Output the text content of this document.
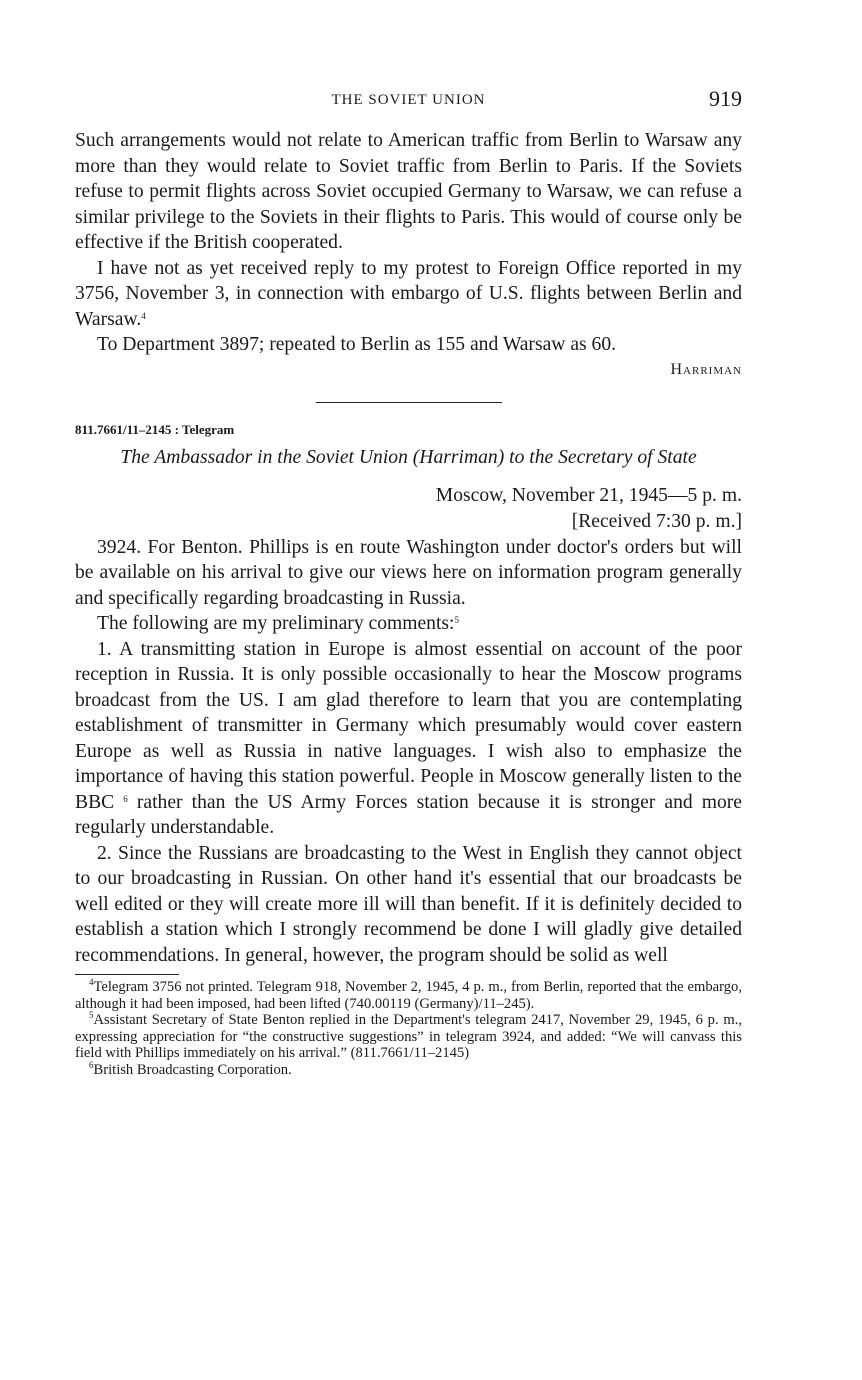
THE SOVIET UNION	919

Such arrangements would not relate to American traffic from Berlin to Warsaw any more than they would relate to Soviet traffic from Berlin to Paris. If the Soviets refuse to permit flights across Soviet occupied Germany to Warsaw, we can refuse a similar privilege to the Soviets in their flights to Paris. This would of course only be effective if the British cooperated.

I have not as yet received reply to my protest to Foreign Office reported in my 3756, November 3, in connection with embargo of U.S. flights between Berlin and Warsaw.$^4$

To Department 3897; repeated to Berlin as 155 and Warsaw as 60.

Harriman
811.7661/11–2145 : Telegram
The Ambassador in the Soviet Union (Harriman) to the Secretary of State
Moscow, November 21, 1945—5 p. m.
[Received 7:30 p. m.]

3924. For Benton. Phillips is en route Washington under doctor's orders but will be available on his arrival to give our views here on information program generally and specifically regarding broadcasting in Russia.

The following are my preliminary comments:$^5$

1. A transmitting station in Europe is almost essential on account of the poor reception in Russia. It is only possible occasionally to hear the Moscow programs broadcast from the US. I am glad therefore to learn that you are contemplating establishment of transmitter in Germany which presumably would cover eastern Europe as well as Russia in native languages. I wish also to emphasize the importance of having this station powerful. People in Moscow generally listen to the BBC $^6$ rather than the US Army Forces station because it is stronger and more regularly understandable.

2. Since the Russians are broadcasting to the West in English they cannot object to our broadcasting in Russian. On other hand it's essential that our broadcasts be well edited or they will create more ill will than benefit. If it is definitely decided to establish a station which I strongly recommend be done I will gladly give detailed recommendations. In general, however, the program should be solid as well

$^4$Telegram 3756 not printed. Telegram 918, November 2, 1945, 4 p. m., from Berlin, reported that the embargo, although it had been imposed, had been lifted (740.00119 (Germany)/11–245).

$^5$Assistant Secretary of State Benton replied in the Department's telegram 2417, November 29, 1945, 6 p. m., expressing appreciation for “the constructive suggestions” in telegram 3924, and added: “We will canvass this field with Phillips immediately on his arrival.” (811.7661/11–2145)

$^6$British Broadcasting Corporation.
